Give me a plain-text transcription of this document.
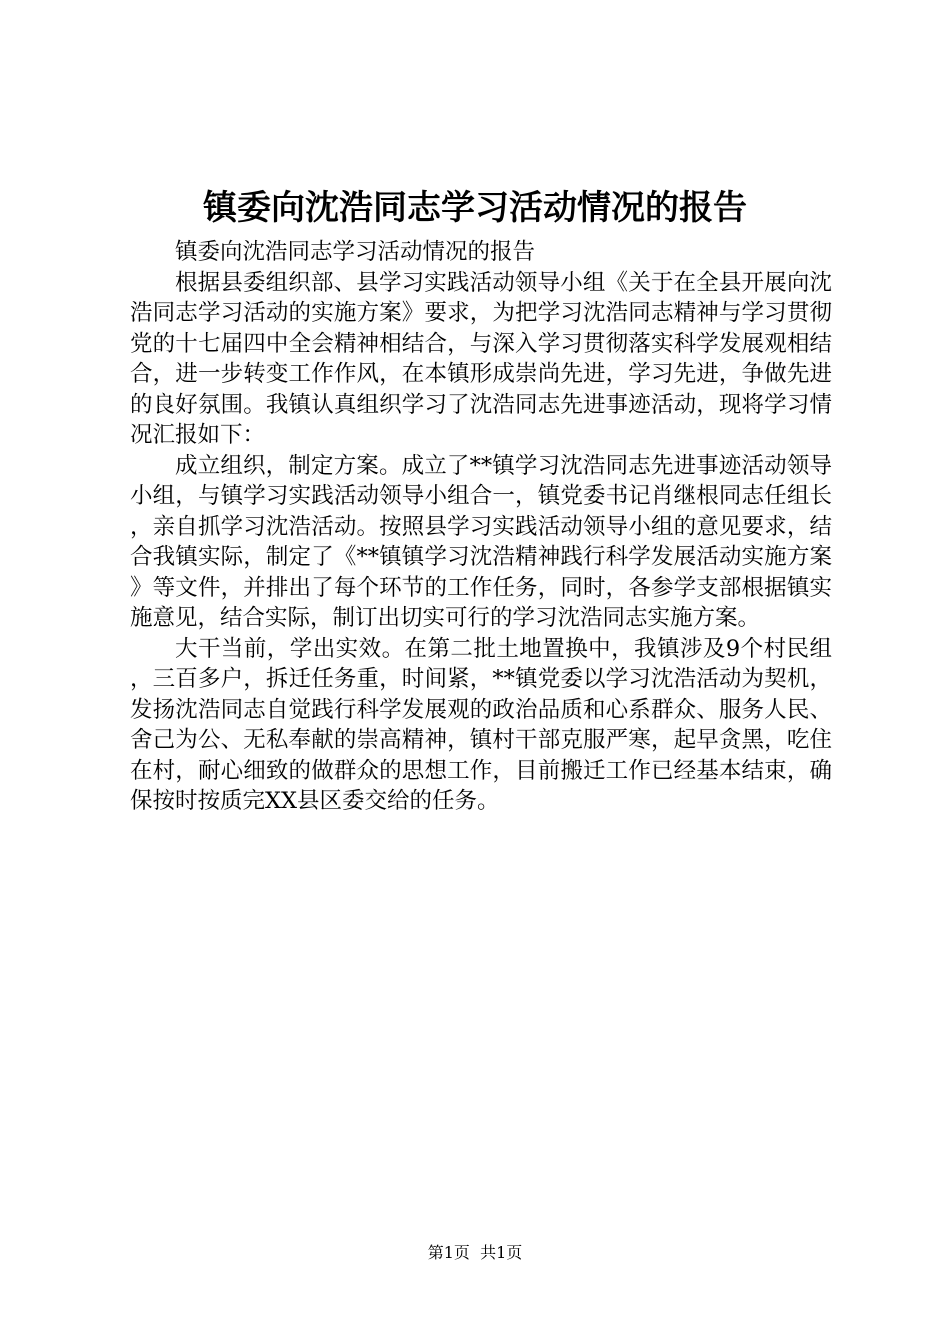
镇委向沈浩同志学习活动情况的报告

镇委向沈浩同志学习活动情况的报告

根据县委组织部、县学习实践活动领导小组《关于在全县开展向沈浩同志学习活动的实施方案》要求，为把学习沈浩同志精神与学习贯彻党的十七届四中全会精神相结合，与深入学习贯彻落实科学发展观相结合，进一步转变工作作风，在本镇形成崇尚先进，学习先进，争做先进的良好氛围。我镇认真组织学习了沈浩同志先进事迹活动，现将学习情况汇报如下：

成立组织，制定方案。成立了**镇学习沈浩同志先进事迹活动领导小组，与镇学习实践活动领导小组合一，镇党委书记肖继根同志任组长，亲自抓学习沈浩活动。按照县学习实践活动领导小组的意见要求，结合我镇实际，制定了《**镇镇学习沈浩精神践行科学发展活动实施方案》等文件，并排出了每个环节的工作任务，同时，各参学支部根据镇实施意见，结合实际，制订出切实可行的学习沈浩同志实施方案。

大干当前，学出实效。在第二批土地置换中，我镇涉及9个村民组，三百多户，拆迁任务重，时间紧，**镇党委以学习沈浩活动为契机，发扬沈浩同志自觉践行科学发展观的政治品质和心系群众、服务人民、舍己为公、无私奉献的崇高精神，镇村干部克服严寒，起早贪黑，吃住在村，耐心细致的做群众的思想工作，目前搬迁工作已经基本结束，确保按时按质完XX县区委交给的任务。

第1页 共1页
